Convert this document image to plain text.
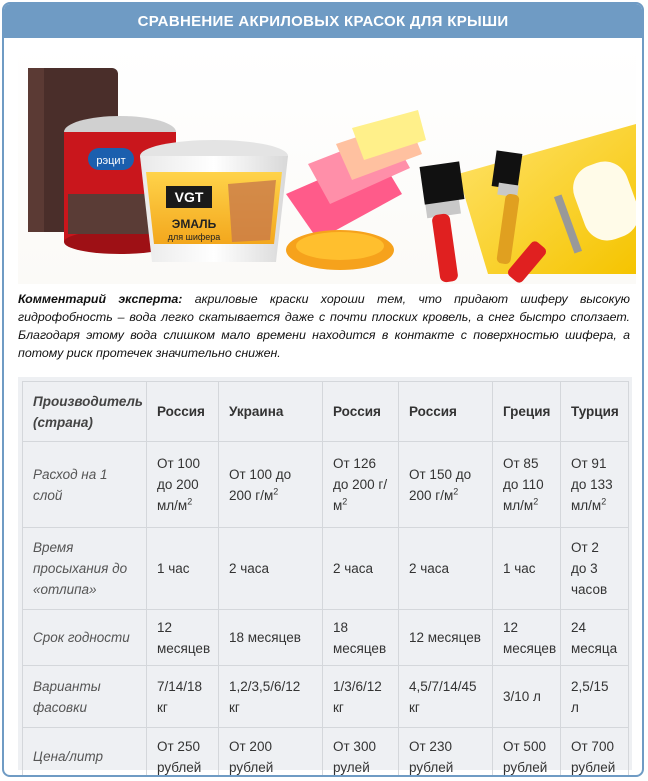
СРАВНЕНИЕ АКРИЛОВЫХ КРАСОК ДЛЯ КРЫШИ
рэцит
VGT
ЭМАЛЬ
для шифера
Комментарий эксперта: акриловые краски хороши тем, что придают шиферу высокую гидрофобность – вода легко скатывается даже с почти плоских кровель, а снег быстро сползает. Благодаря этому вода слишком мало времени находится в контакте с поверхностью шифера, а потому риск протечек значительно снижен.
Производитель (страна)	Россия	Украина	Россия	Россия	Греция	Турция
Расход на 1 слой	От 100 до 200 $мл/м^2$	От 100 до 200 $г/м^2$	От 126 до 200 $г/м^2$	От 150 до 200 $г/м^2$	От 85 до 110 $мл/м^2$	От 91 до 133 $мл/м^2$
Время просыхания до «отлипа»	1 час	2 часа	2 часа	2 часа	1 час	От 2 до 3 часов
Срок годности	12 месяцев	18 месяцев	18 месяцев	12 месяцев	12 месяцев	24 месяца
Варианты фасовки	7/14/18 кг	1,2/3,5/6/12 кг	1/3/6/12 кг	4,5/7/14/45 кг	3/10 л	2,5/15 л
Цена/литр	От 250 рублей	От 200 рублей	От 300 рулей	От 230 рублей	От 500 рублей	От 700 рублей
